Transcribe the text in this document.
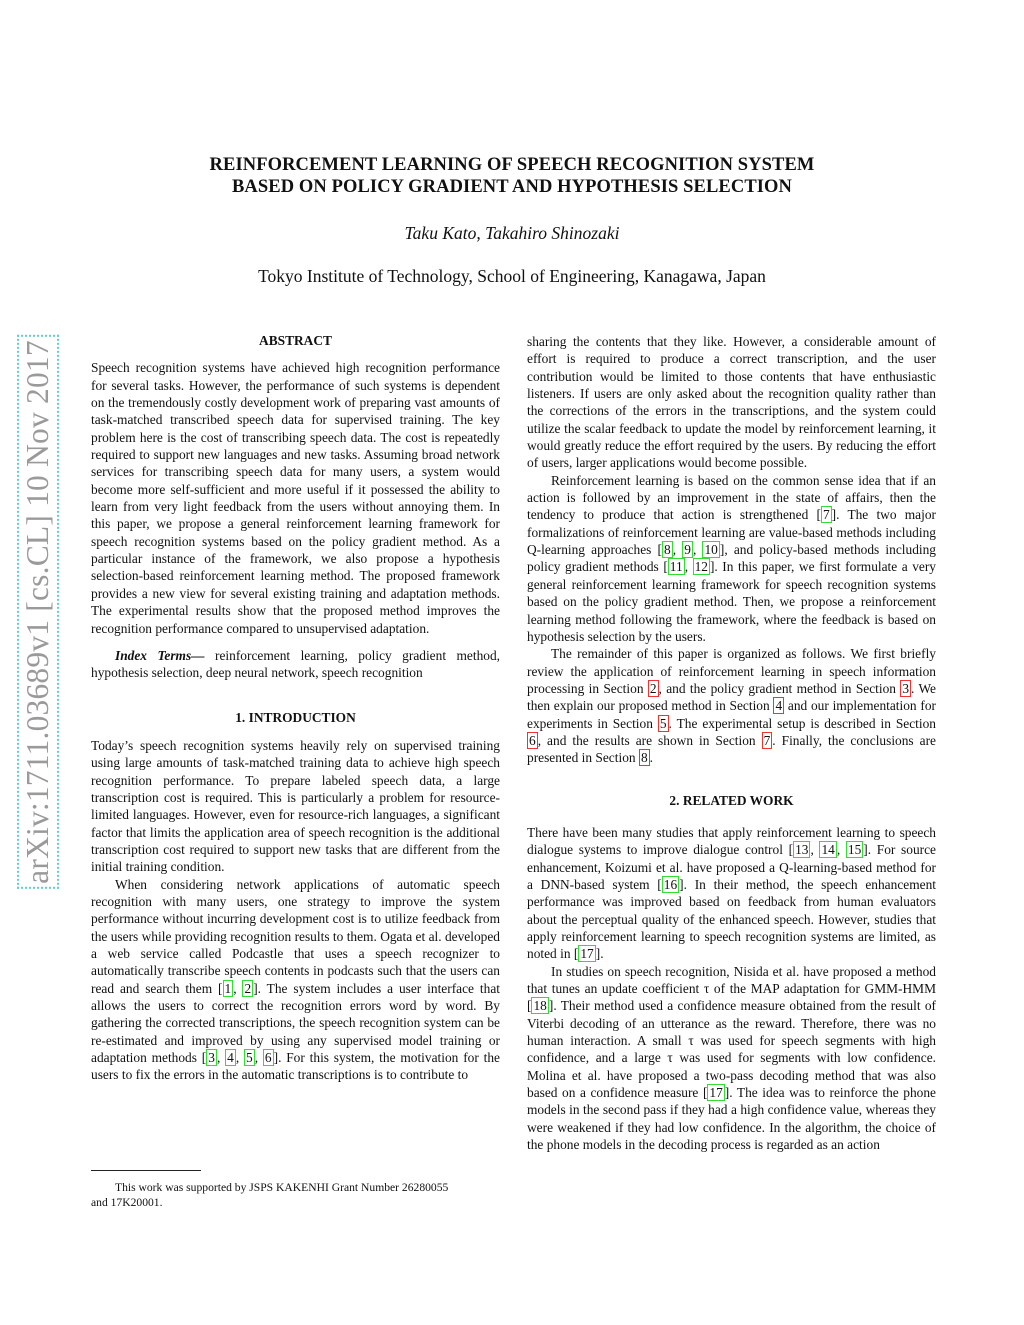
REINFORCEMENT LEARNING OF SPEECH RECOGNITION SYSTEM
BASED ON POLICY GRADIENT AND HYPOTHESIS SELECTION
Taku Kato, Takahiro Shinozaki
Tokyo Institute of Technology, School of Engineering, Kanagawa, Japan
arXiv:1711.03689v1 [cs.CL] 10 Nov 2017	ABSTRACT

Speech recognition systems have achieved high recognition performance for several tasks. However, the performance of such systems is dependent on the tremendously costly development work of preparing vast amounts of task-matched transcribed speech data for supervised training. The key problem here is the cost of transcribing speech data. The cost is repeatedly required to support new languages and new tasks. Assuming broad network services for transcribing speech data for many users, a system would become more self-sufficient and more useful if it possessed the ability to learn from very light feedback from the users without annoying them. In this paper, we propose a general reinforcement learning framework for speech recognition systems based on the policy gradient method. As a particular instance of the framework, we also propose a hypothesis selection-based reinforcement learning method. The proposed framework provides a new view for several existing training and adaptation methods. The experimental results show that the proposed method improves the recognition performance compared to unsupervised adaptation.

Index Terms— reinforcement learning, policy gradient method, hypothesis selection, deep neural network, speech recognition

1. INTRODUCTION

Today’s speech recognition systems heavily rely on supervised training using large amounts of task-matched training data to achieve high speech recognition performance. To prepare labeled speech data, a large transcription cost is required. This is particularly a problem for resource-limited languages. However, even for resource-rich languages, a significant factor that limits the application area of speech recognition is the additional transcription cost required to support new tasks that are different from the initial training condition.

When considering network applications of automatic speech recognition with many users, one strategy to improve the system performance without incurring development cost is to utilize feedback from the users while providing recognition results to them. Ogata et al. developed a web service called Podcastle that uses a speech recognizer to automatically transcribe speech contents in podcasts such that the users can read and search them [ 1 , 2 ]. The system includes a user interface that allows the users to correct the recognition errors word by word. By gathering the corrected transcriptions, the speech recognition system can be re-estimated and improved by using any supervised model training or adaptation methods [ 3 , 4 , 5 , 6 ]. For this system, the motivation for the users to fix the errors in the automatic transcriptions is to contribute to

This work was supported by JSPS KAKENHI Grant Number 26280055
and 17K20001.

sharing the contents that they like. However, a considerable amount of effort is required to produce a correct transcription, and the user contribution would be limited to those contents that have enthusiastic listeners. If users are only asked about the recognition quality rather than the corrections of the errors in the transcriptions, and the system could utilize the scalar feedback to update the model by reinforcement learning, it would greatly reduce the effort required by the users. By reducing the effort of users, larger applications would become possible.

Reinforcement learning is based on the common sense idea that if an action is followed by an improvement in the state of affairs, then the tendency to produce that action is strengthened [ 7 ]. The two major formalizations of reinforcement learning are value-based methods including Q-learning approaches [ 8 , 9 , 10 ], and policy-based methods including policy gradient methods [ 11 , 12 ]. In this paper, we first formulate a very general reinforcement learning framework for speech recognition systems based on the policy gradient method. Then, we propose a reinforcement learning method following the framework, where the feedback is based on hypothesis selection by the users.

The remainder of this paper is organized as follows. We first briefly review the application of reinforcement learning in speech information processing in Section 2 , and the policy gradient method in Section 3 . We then explain our proposed method in Section 4 and our implementation for experiments in Section 5 . The experimental setup is described in Section 6 , and the results are shown in Section 7 . Finally, the conclusions are presented in Section 8 .

2. RELATED WORK

There have been many studies that apply reinforcement learning to speech dialogue systems to improve dialogue control [ 13 , 14 , 15 ]. For source enhancement, Koizumi et al. have proposed a Q-learning-based method for a DNN-based system [ 16 ]. In their method, the speech enhancement performance was improved based on feedback from human evaluators about the perceptual quality of the enhanced speech. However, studies that apply reinforcement learning to speech recognition systems are limited, as noted in [ 17 ].

In studies on speech recognition, Nisida et al. have proposed a method that tunes an update coefficient τ of the MAP adaptation for GMM-HMM [ 18 ]. Their method used a confidence measure obtained from the result of Viterbi decoding of an utterance as the reward. Therefore, there was no human interaction. A small τ was used for speech segments with high confidence, and a large τ was used for segments with low confidence. Molina et al. have proposed a two-pass decoding method that was also based on a confidence measure [ 17 ]. The idea was to reinforce the phone models in the second pass if they had a high confidence value, whereas they were weakened if they had low confidence. In the algorithm, the choice of the phone models in the decoding process is regarded as an action
